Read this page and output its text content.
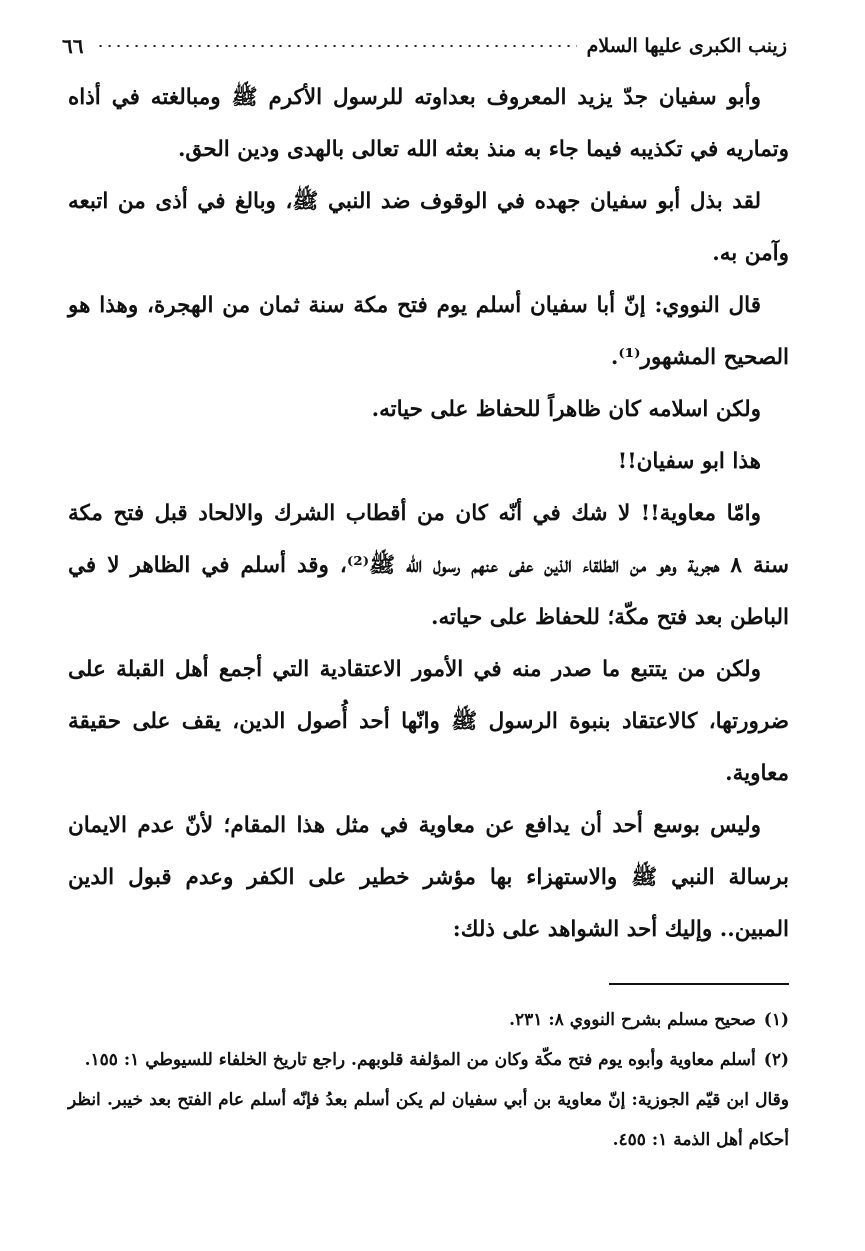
٦٦	زينب الكبرى عليها السلام

وأبو سفيان جدّ يزيد المعروف بعداوته للرسول الأكرم ﷺ ومبالغته في أذاه وتماريه في تكذيبه فيما جاء به منذ بعثه الله تعالى بالهدى ودين الحق.

لقد بذل أبو سفيان جهده في الوقوف ضد النبي ﷺ، وبالغ في أذى من اتبعه وآمن به.

قال النووي: إنّ أبا سفيان أسلم يوم فتح مكة سنة ثمان من الهجرة، وهذا هو الصحيح المشهور⁽¹⁾.

ولكن اسلامه كان ظاهراً للحفاظ على حياته.

هذا ابو سفيان!!

وامّا معاوية!! لا شك في أنّه كان من أقطاب الشرك والالحاد قبل فتح مكة سنة ٨ هجرية وهو من الطلقاء الذين عفى عنهم رسول الله ﷺ⁽²⁾، وقد أسلم في الظاهر لا في الباطن بعد فتح مكّة؛ للحفاظ على حياته.

ولكن من يتتبع ما صدر منه في الأمور الاعتقادية التي أجمع أهل القبلة على ضرورتها، كالاعتقاد بنبوة الرسول ﷺ وانّها أحد أُصول الدين، يقف على حقيقة معاوية.

وليس بوسع أحد أن يدافع عن معاوية في مثل هذا المقام؛ لأنّ عدم الايمان برسالة النبي ﷺ والاستهزاء بها مؤشر خطير على الكفر وعدم قبول الدين المبين.. وإليك أحد الشواهد على ذلك:

(١)صحيح مسلم بشرح النووي ٨: ٢٣١.

(٢)أسلم معاوية وأبوه يوم فتح مكّة وكان من المؤلفة قلوبهم. راجع تاريخ الخلفاء للسيوطي ١: ١٥٥.

وقال ابن قيّم الجوزية: إنّ معاوية بن أبي سفيان لم يكن أسلم بعدُ فإنّه أسلم عام الفتح بعد خيبر. انظر أحكام أهل الذمة ١: ٤٥٥.
